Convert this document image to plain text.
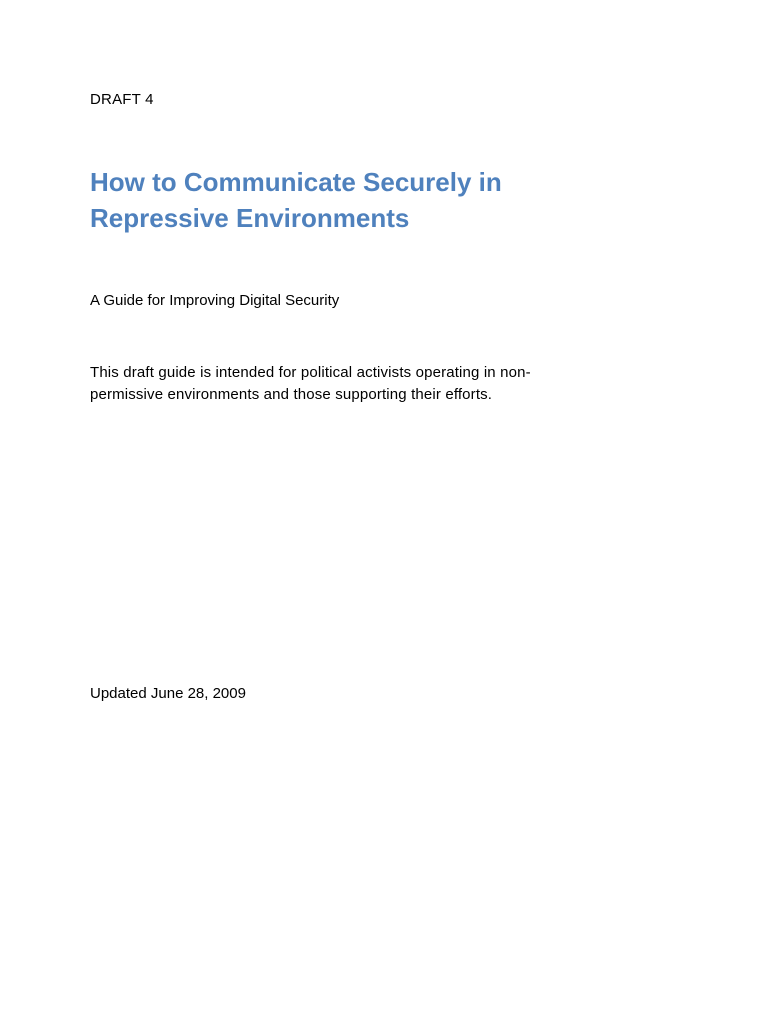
DRAFT 4
How to Communicate Securely in
Repressive Environments
A Guide for Improving Digital Security
This draft guide is intended for political activists operating in non-
permissive environments and those supporting their efforts.
Updated June 28, 2009
